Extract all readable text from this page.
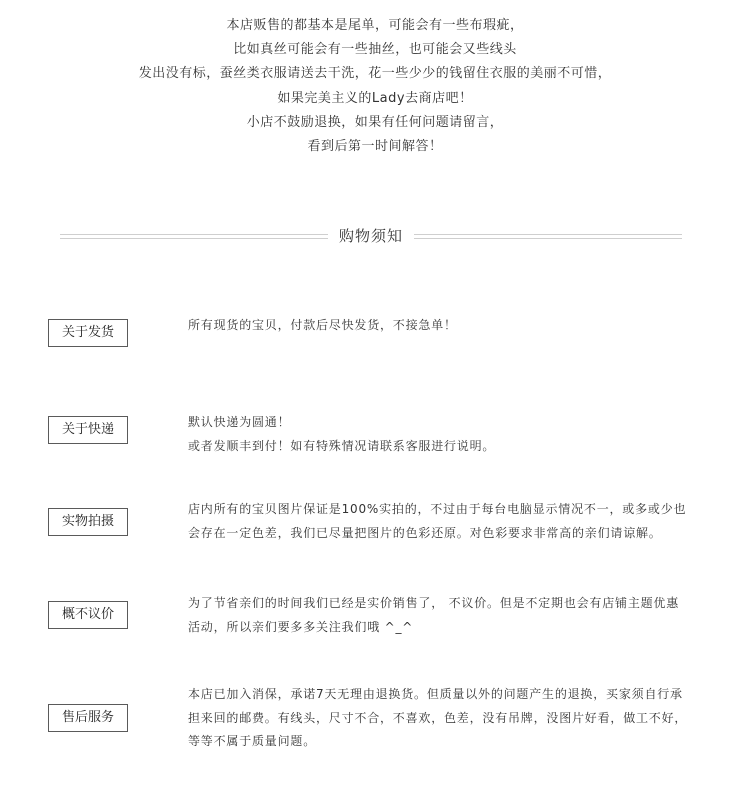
本店贩售的都基本是尾单，可能会有一些布瑕疵，
比如真丝可能会有一些抽丝，也可能会又些线头
发出没有标，蚕丝类衣服请送去干洗，花一些少少的钱留住衣服的美丽不可惜，
如果完美主义的Lady去商店吧！
小店不鼓励退换，如果有任何问题请留言，
看到后第一时间解答！
购物须知
关于发货	所有现货的宝贝，付款后尽快发货，不接急单！
关于快递	默认快递为圆通！
或者发顺丰到付！如有特殊情况请联系客服进行说明。
实物拍摄
店内所有的宝贝图片保证是100%实拍的，不过由于每台电脑显示情况不一，或多或少也会存在一定色差，我们已尽量把图片的色彩还原。对色彩要求非常高的亲们请谅解。
概不议价
为了节省亲们的时间我们已经是实价销售了， 不议价。但是不定期也会有店铺主题优惠活动，所以亲们要多多关注我们哦 ^_^
售后服务
本店已加入消保，承诺7天无理由退换货。但质量以外的问题产生的退换，买家须自行承担来回的邮费。有线头，尺寸不合，不喜欢，色差，没有吊牌，没图片好看，做工不好，等等不属于质量问题。
